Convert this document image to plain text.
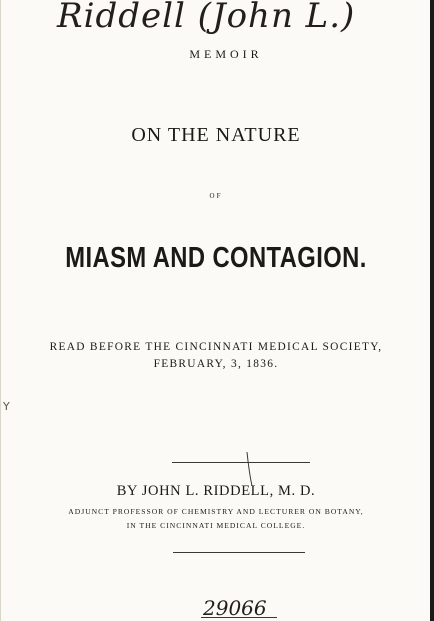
Riddell (John L.)
MEMOIR
ON THE NATURE
OF
MIASM AND CONTAGION.
READ BEFORE THE CINCINNATI MEDICAL SOCIETY,
FEBRUARY, 3, 1836.
Y
BY JOHN L. RIDDELL, M. D.
ADJUNCT PROFESSOR OF CHEMISTRY AND LECTURER ON BOTANY,
IN THE CINCINNATI MEDICAL COLLEGE.
29066
